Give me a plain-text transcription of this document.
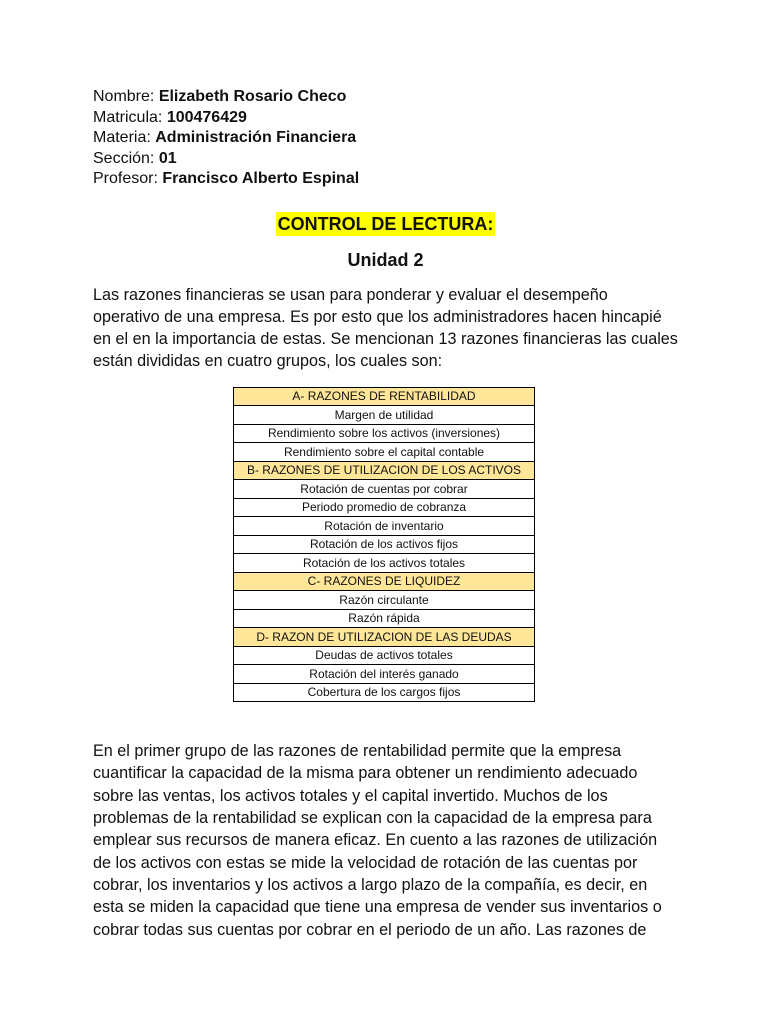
Nombre: Elizabeth Rosario Checo
Matricula: 100476429
Materia: Administración Financiera
Sección: 01
Profesor: Francisco Alberto Espinal
CONTROL DE LECTURA:
Unidad 2

Las razones financieras se usan para ponderar y evaluar el desempeño operativo de una empresa. Es por esto que los administradores hacen hincapié en el en la importancia de estas. Se mencionan 13 razones financieras las cuales están divididas en cuatro grupos, los cuales son:

A- RAZONES DE RENTABILIDAD
Margen de utilidad
Rendimiento sobre los activos (inversiones)
Rendimiento sobre el capital contable
B- RAZONES DE UTILIZACION DE LOS ACTIVOS
Rotación de cuentas por cobrar
Periodo promedio de cobranza
Rotación de inventario
Rotación de los activos fijos
Rotación de los activos totales
C- RAZONES DE LIQUIDEZ
Razón circulante
Razón rápida
D- RAZON DE UTILIZACION DE LAS DEUDAS
Deudas de activos totales
Rotación del interés ganado
Cobertura de los cargos fijos

En el primer grupo de las razones de rentabilidad permite que la empresa cuantificar la capacidad de la misma para obtener un rendimiento adecuado sobre las ventas, los activos totales y el capital invertido. Muchos de los problemas de la rentabilidad se explican con la capacidad de la empresa para emplear sus recursos de manera eficaz. En cuento a las razones de utilización de los activos con estas se mide la velocidad de rotación de las cuentas por cobrar, los inventarios y los activos a largo plazo de la compañía, es decir, en esta se miden la capacidad que tiene una empresa de vender sus inventarios o cobrar todas sus cuentas por cobrar en el periodo de un año. Las razones de
